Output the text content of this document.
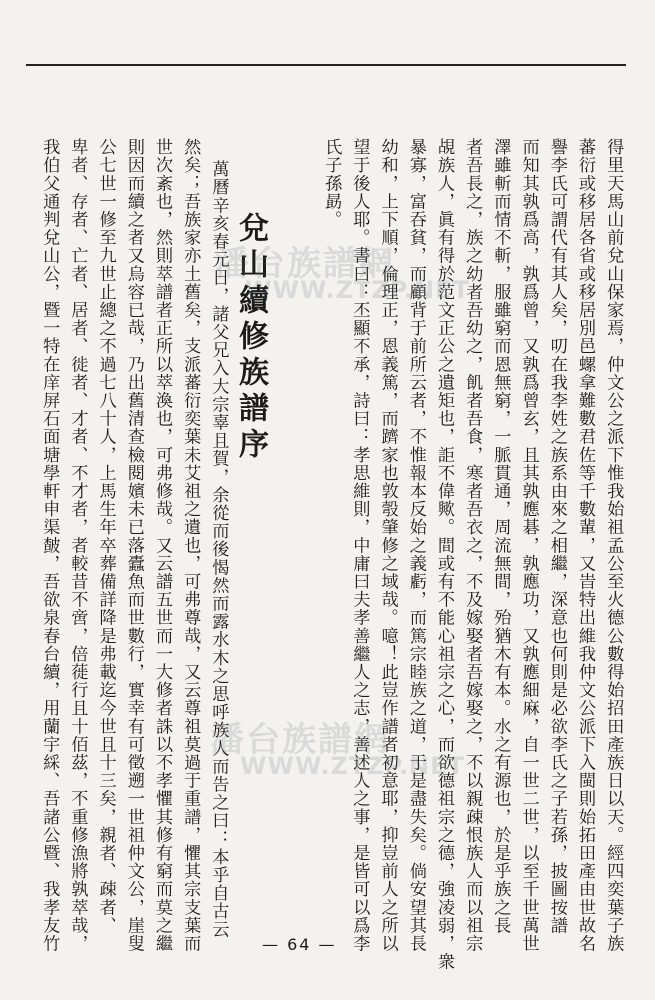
得里天馬山前兌山保家焉，仲文公之派下惟我始祖孟公至火德公數得始招田產族日以天。經四奕葉子族
蕃衍或移居各省或移居別邑螺拿難數君佐等千數輩，又旹特出維我仲文公派下入閩則始拓田產由世故名
譽李氏可謂代有其人矣，叨在我李姓之族系由來之相繼，深意也何則是必欲李氏之子若孫，披圖按譜
而知其孰爲高，孰爲曾，又孰爲曾玄，且其孰應碁，孰應功，又孰應細麻，自一世二世，以至千世萬世
澤雖斬而情不斬，服雖窮而恩無窮，一脈貫通，周流無間，殆猶木有本。水之有源也，於是乎族之長
者吾長之，族之幼者吾幼之，飢者吾食，寒者吾衣之，不及嫁娶者吾嫁娶之，不以親疎恨族人而以祖宗
覘族人，眞有得於范文正公之遺矩也，詎不偉歟。間或有不能心祖宗之心，而欲德祖宗之德，強凌弱，衆
暴寡，富吞貧，而顧背于前所云者，不惟報本反始之義虧，而篤宗睦族之道，于是盡失矣。倘安望其長
幼和，上下順，倫理正，恩義篤，而躋家也敦彀肇修之域哉。噫！此豈作譜者初意耶，抑豈前人之所以
望于後人耶。書曰：丕顯不承，詩曰：孝思維則，中庸曰夫孝善繼人之志，善述人之事，是皆可以爲李
氏子孫勗。
萬曆辛亥春元日，諸父兄入大宗辜且賀，余從而後愒然而露水木之思呼族人而告之曰：本乎自古云
然矣；吾族家亦土舊矣，支派蕃衍奕葉未艾祖之遺也，可弗尊哉，又云尊祖莫過于重譜，懼其宗支葉而
世次紊也，然則萃譜者正所以萃渙也，可弗修哉。又云譜五世而一大修者誅以不孝懼其修有窮而莫之繼
則因而續之者又烏容已哉，乃出舊清查檢閱嬪未已落蠹魚而世數行，實幸有可徵遡一世祖仲文公，崖叟
公七世一修至九世止總之不過七八十人，上馬生年卒葬備詳降是弗載迄今世且十三矣，親者、疎者、
卑者、存者、亡者、居者、徙者、才者、不才者，者較昔不啻，倍蓰行且十佰茲，不重修漁將孰萃哉，
我伯父通判兌山公，暨一特在庠屏石面塘學軒申渠皶，吾欲泉春台續，用蘭宇綵、吾諸公暨、我孝友竹	兌山續修族譜序
潘台族譜網
WWW.ZTZP.NET
潘台族譜網
WWW.ZTZP.NET
— 64 —
